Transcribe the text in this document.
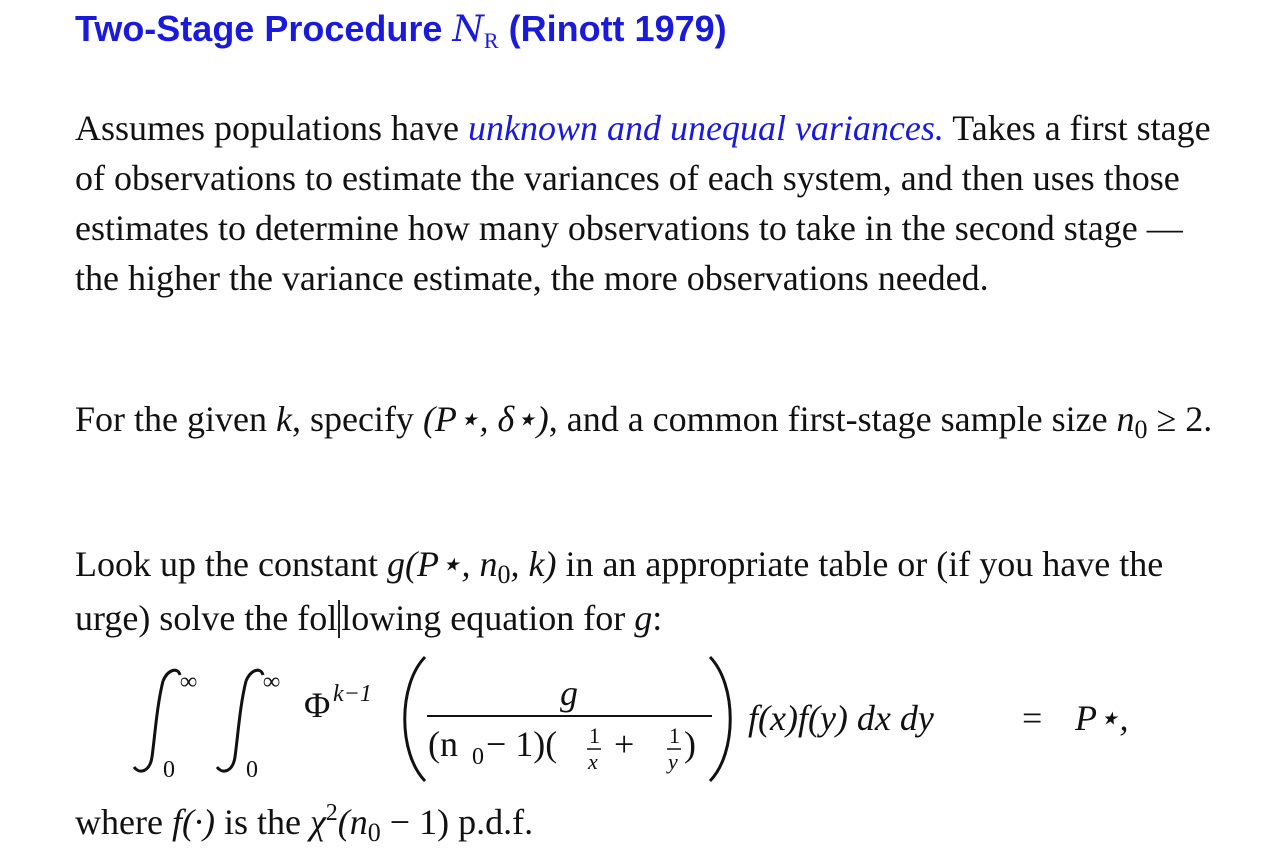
Two-Stage Procedure NR (Rinott 1979)
Assumes populations have unknown and unequal variances. Takes a first stage of observations to estimate the variances of each system, and then uses those estimates to determine how many observations to take in the second stage — the higher the variance estimate, the more observations needed.
For the given k, specify (P⋆, δ⋆), and a common first-stage sample size n0 ≥ 2.
Look up the constant g(P⋆, n0, k) in an appropriate table or (if you have the urge) solve the fol lowing equation for g:
∞
0
∞
0
Φ k−1	g
(n 0 − 1)( 1
x + 1
y )
f(x)f(y) dx dy = P⋆,
where f(·) is the $\chi^2(n0 - 1)$ p.d.f.
